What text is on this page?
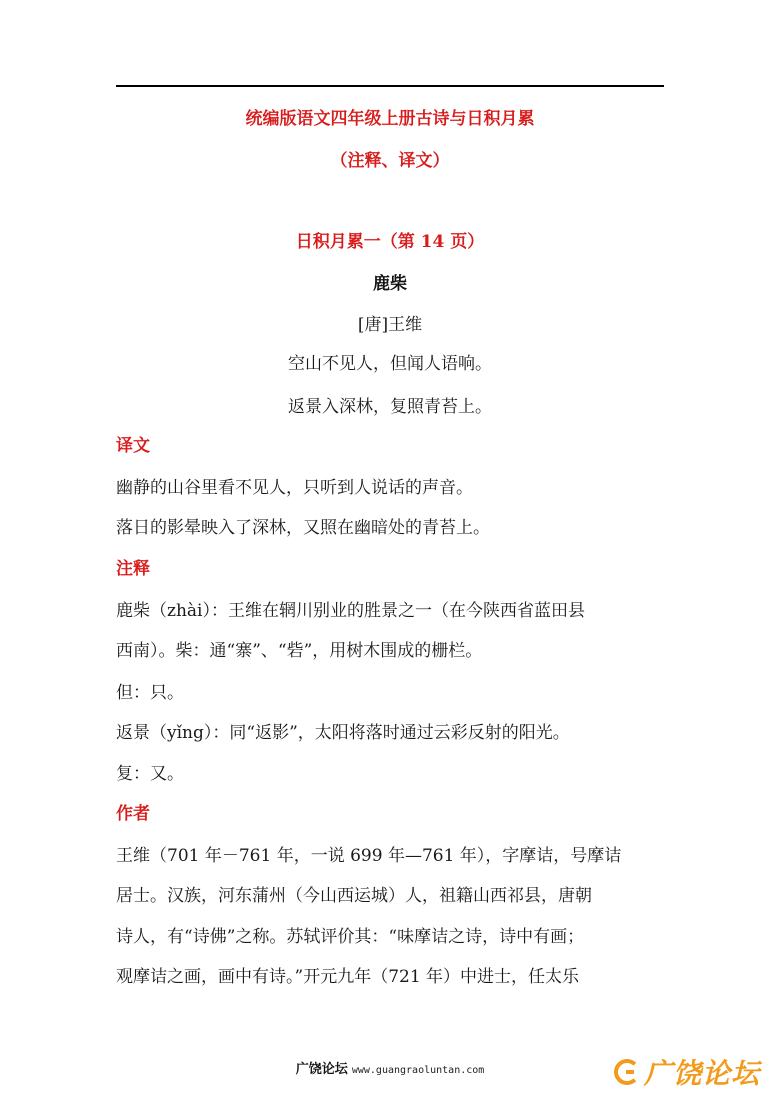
统编版语文四年级上册古诗与日积月累
（注释、译文）
日积月累一（第 14 页）
鹿柴
[唐]王维
空山不见人，但闻人语响。
返景入深林，复照青苔上。
译文
幽静的山谷里看不见人，只听到人说话的声音。
落日的影晕映入了深林，又照在幽暗处的青苔上。
注释
鹿柴（zhài）：王维在辋川别业的胜景之一（在今陕西省蓝田县
西南）。柴：通“寨”、“砦”，用树木围成的栅栏。
但：只。
返景（yǐng）：同“返影”，太阳将落时通过云彩反射的阳光。
复：又。
作者
王维（701 年－761 年，一说 699 年—761 年），字摩诘，号摩诘
居士。汉族，河东蒲州（今山西运城）人，祖籍山西祁县，唐朝
诗人，有“诗佛”之称。苏轼评价其：“味摩诘之诗，诗中有画；
观摩诘之画，画中有诗。”开元九年（721 年）中进士，任太乐
广饶论坛 www.guangraoluntan.com	广饶论坛
